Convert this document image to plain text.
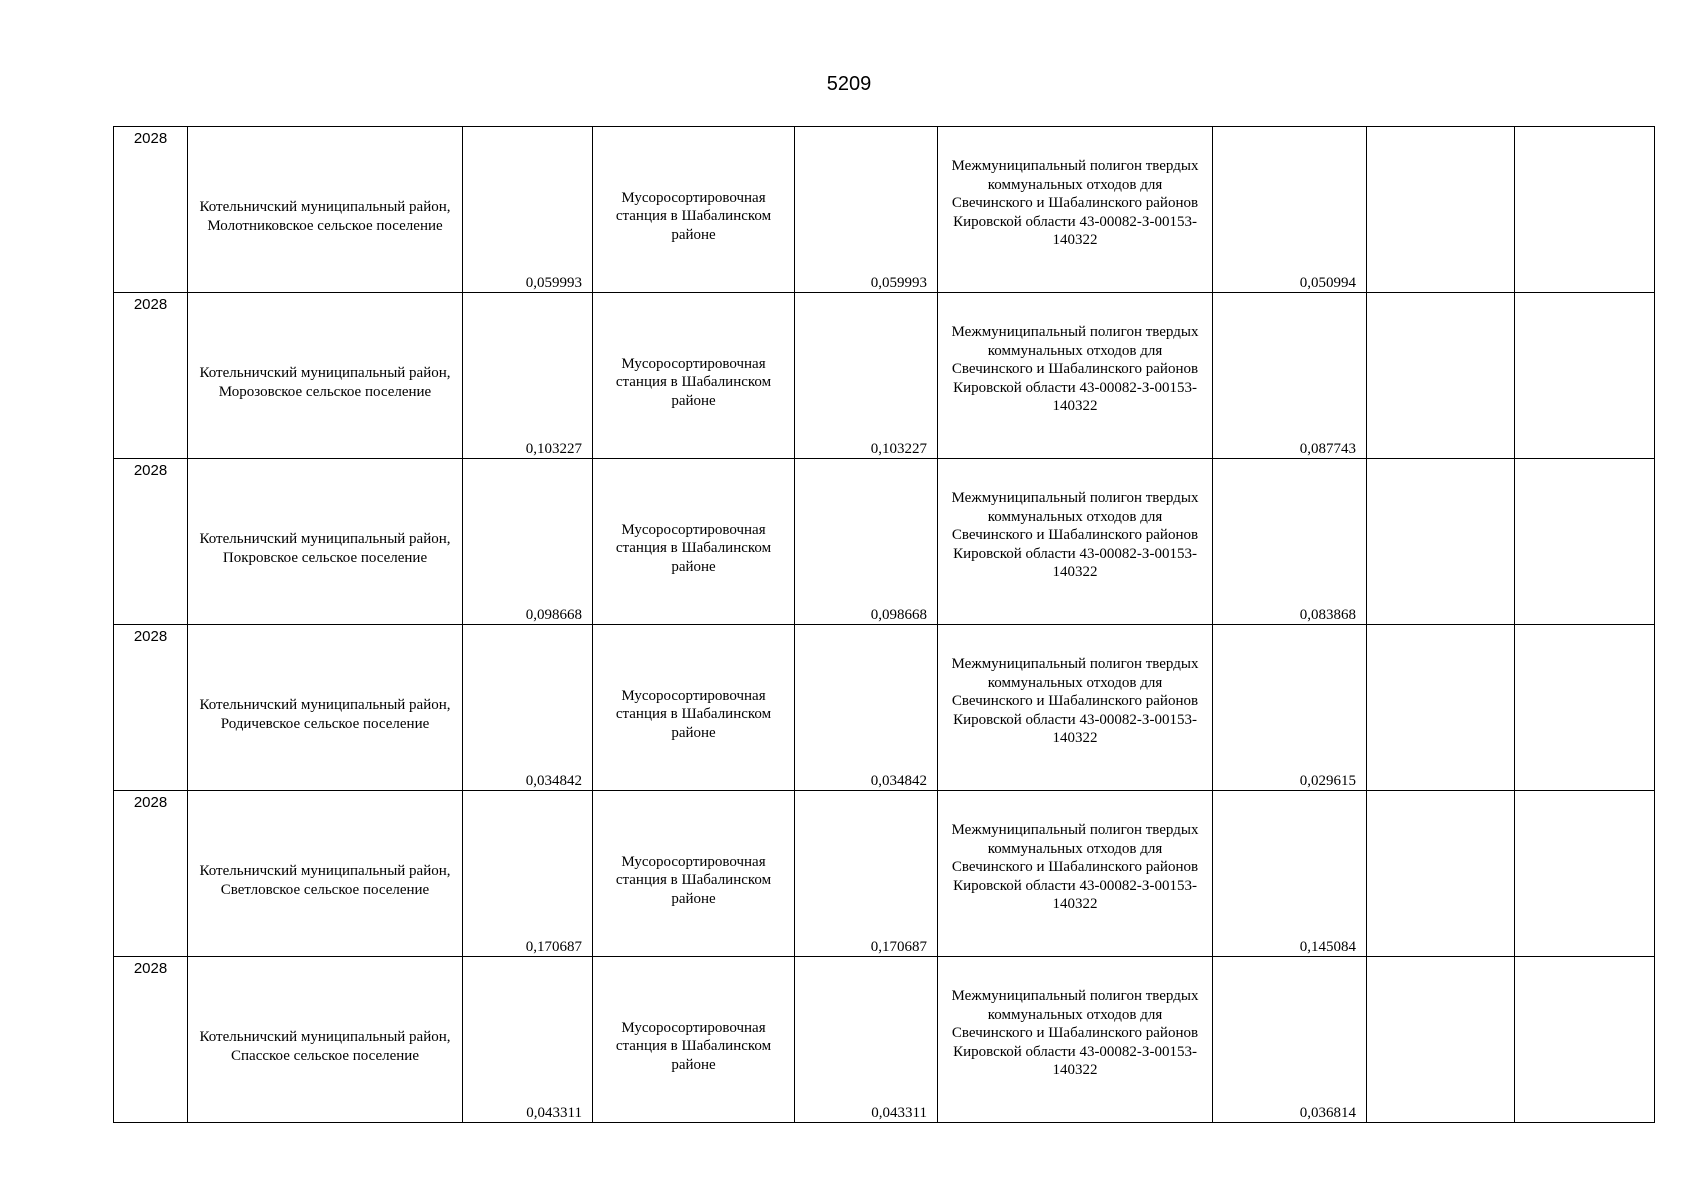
5209
2028	Котельничский муниципальный район, Молотниковское сельское поселение	0,059993	Мусоросортировочная станция в Шабалинском районе	0,059993	Межмуниципальный полигон твердых коммунальных отходов для Свечинского и Шабалинского районов Кировской области 43-00082-З-00153-140322	0,050994		

2028	Котельничский муниципальный район, Морозовское сельское поселение	0,103227	Мусоросортировочная станция в Шабалинском районе	0,103227	Межмуниципальный полигон твердых коммунальных отходов для Свечинского и Шабалинского районов Кировской области 43-00082-З-00153-140322	0,087743		

2028	Котельничский муниципальный район, Покровское сельское поселение	0,098668	Мусоросортировочная станция в Шабалинском районе	0,098668	Межмуниципальный полигон твердых коммунальных отходов для Свечинского и Шабалинского районов Кировской области 43-00082-З-00153-140322	0,083868		

2028	Котельничский муниципальный район, Родичевское сельское поселение	0,034842	Мусоросортировочная станция в Шабалинском районе	0,034842	Межмуниципальный полигон твердых коммунальных отходов для Свечинского и Шабалинского районов Кировской области 43-00082-З-00153-140322	0,029615		

2028	Котельничский муниципальный район, Светловское сельское поселение	0,170687	Мусоросортировочная станция в Шабалинском районе	0,170687	Межмуниципальный полигон твердых коммунальных отходов для Свечинского и Шабалинского районов Кировской области 43-00082-З-00153-140322	0,145084		

2028	Котельничский муниципальный район, Спасское сельское поселение	0,043311	Мусоросортировочная станция в Шабалинском районе	0,043311	Межмуниципальный полигон твердых коммунальных отходов для Свечинского и Шабалинского районов Кировской области 43-00082-З-00153-140322	0,036814		
